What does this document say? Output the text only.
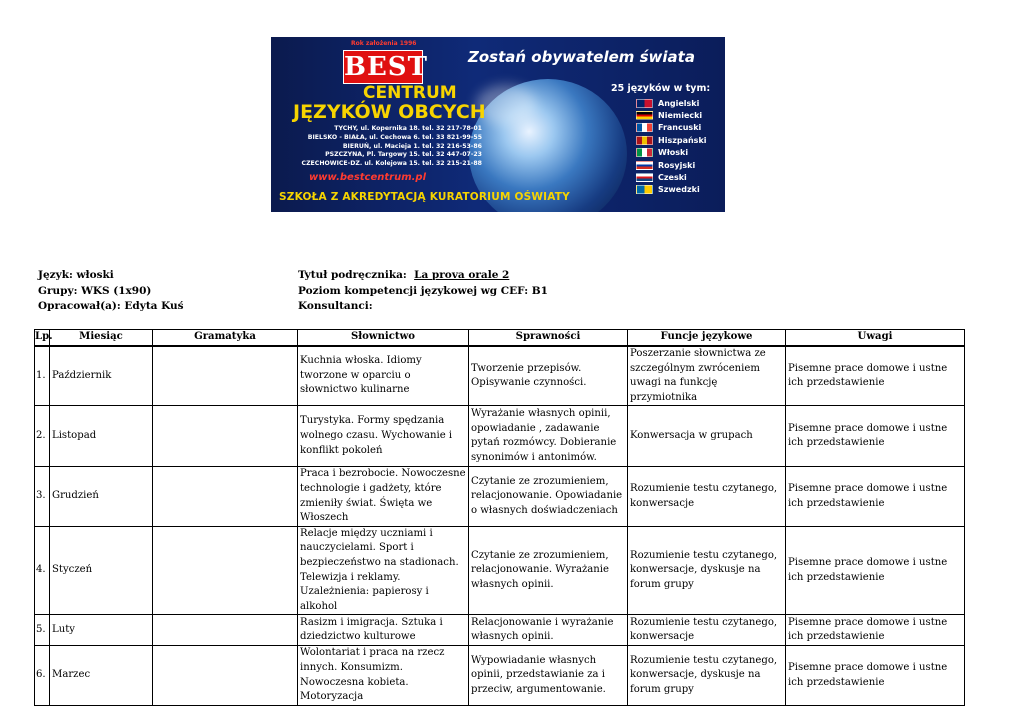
Rok założenia 1996
BEST	Zostań obywatelem świata
CENTRUM
JĘZYKÓW OBCYCH
TYCHY, ul. Kopernika 18. tel. 32 217-78-01
BIELSKO - BIAŁA, ul. Cechowa 6. tel. 33 821-99-55
BIERUŃ, ul. Macieja 1. tel. 32 216-53-86
PSZCZYNA, Pl. Targowy 15. tel. 32 447-07-23
CZECHOWICE-DZ. ul. Kolejowa 15. tel. 32 215-21-88
www.bestcentrum.pl
SZKOŁA Z AKREDYTACJĄ KURATORIUM OŚWIATY
25 języków w tym:
Angielski
Niemiecki
Francuski
Hiszpański
Włoski
Rosyjski
Czeski
Szwedzki
Język: włoski
Grupy: WKS (1x90)
Opracował(a): Edyta Kuś
Tytuł podręcznika: La prova orale 2
Poziom kompetencji językowej wg CEF: B1
Konsultanci:
Lp.	Miesiąc	Gramatyka	Słownictwo	Sprawności	Funcje językowe	Uwagi
1.	Październik		Kuchnia włoska. Idiomy tworzone w oparciu o słownictwo kulinarne	Tworzenie przepisów. Opisywanie czynności.	Poszerzanie słownictwa ze szczególnym zwróceniem uwagi na funkcję przymiotnika	Pisemne prace domowe i ustne ich przedstawienie
2.	Listopad		Turystyka. Formy spędzania wolnego czasu. Wychowanie i konflikt pokoleń	Wyrażanie własnych opinii, opowiadanie , zadawanie pytań rozmówcy. Dobieranie synonimów i antonimów.	Konwersacja w grupach	Pisemne prace domowe i ustne ich przedstawienie
3.	Grudzień		Praca i bezrobocie. Nowoczesne technologie i gadżety, które zmieniły świat. Święta we Włoszech	Czytanie ze zrozumieniem, relacjonowanie. Opowiadanie o własnych doświadczeniach	Rozumienie testu czytanego, konwersacje	Pisemne prace domowe i ustne ich przedstawienie
4.	Styczeń		Relacje między uczniami i nauczycielami. Sport i bezpieczeństwo na stadionach. Telewizja i reklamy. Uzależnienia: papierosy i alkohol	Czytanie ze zrozumieniem, relacjonowanie. Wyrażanie własnych opinii.	Rozumienie testu czytanego, konwersacje, dyskusje na forum grupy	Pisemne prace domowe i ustne ich przedstawienie
5.	Luty		Rasizm i imigracja. Sztuka i dziedzictwo kulturowe	Relacjonowanie i wyrażanie własnych opinii.	Rozumienie testu czytanego, konwersacje	Pisemne prace domowe i ustne ich przedstawienie
6.	Marzec		Wolontariat i praca na rzecz innych. Konsumizm. Nowoczesna kobieta. Motoryzacja	Wypowiadanie własnych opinii, przedstawianie za i przeciw, argumentowanie.	Rozumienie testu czytanego, konwersacje, dyskusje na forum grupy	Pisemne prace domowe i ustne ich przedstawienie
